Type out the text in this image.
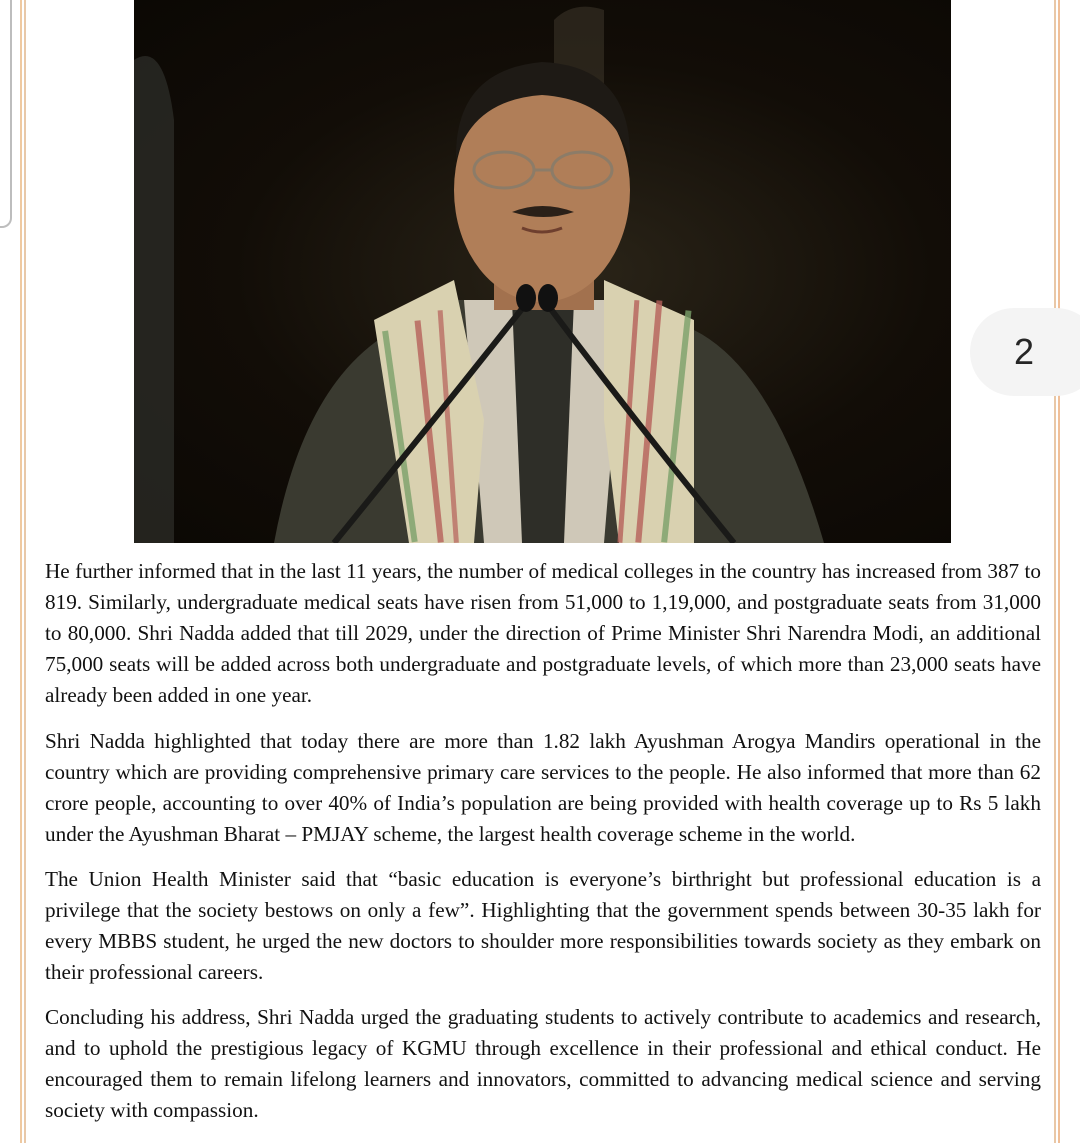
2

He further informed that in the last 11 years, the number of medical colleges in the country has increased from 387 to 819. Similarly, undergraduate medical seats have risen from 51,000 to 1,19,000, and postgraduate seats from 31,000 to 80,000. Shri Nadda added that till 2029, under the direction of Prime Minister Shri Narendra Modi, an additional 75,000 seats will be added across both undergraduate and postgraduate levels, of which more than 23,000 seats have already been added in one year.

Shri Nadda highlighted that today there are more than 1.82 lakh Ayushman Arogya Mandirs operational in the country which are providing comprehensive primary care services to the people. He also informed that more than 62 crore people, accounting to over 40% of India’s population are being provided with health coverage up to Rs 5 lakh under the Ayushman Bharat – PMJAY scheme, the largest health coverage scheme in the world.

The Union Health Minister said that “basic education is everyone’s birthright but professional education is a privilege that the society bestows on only a few”. Highlighting that the government spends between 30-35 lakh for every MBBS student, he urged the new doctors to shoulder more responsibilities towards society as they embark on their professional careers.

Concluding his address, Shri Nadda urged the graduating students to actively contribute to academics and research, and to uphold the prestigious legacy of KGMU through excellence in their professional and ethical conduct. He encouraged them to remain lifelong learners and innovators, committed to advancing medical science and serving society with compassion.
